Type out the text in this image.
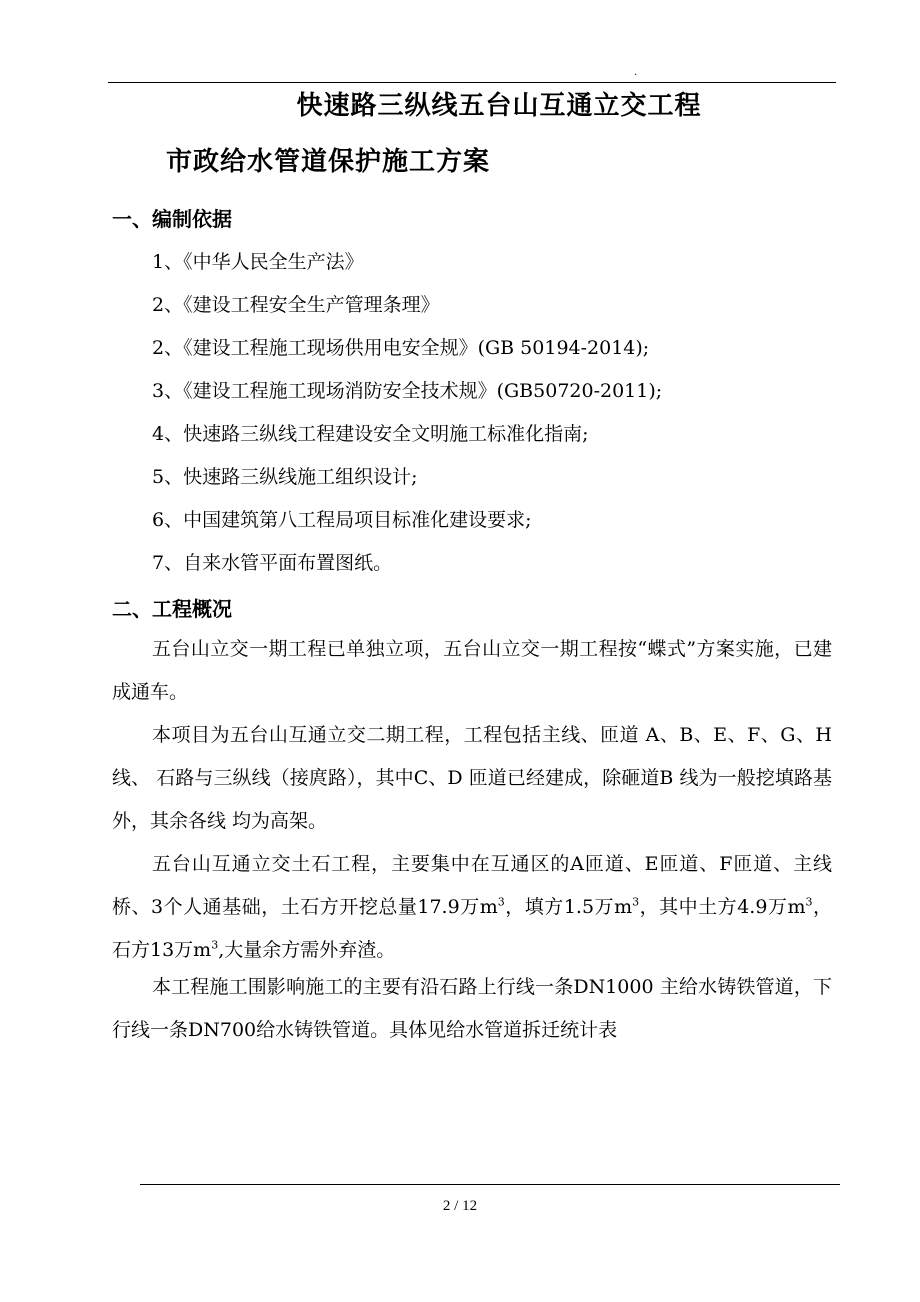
.
快速路三纵线五台山互通立交工程
市政给水管道保护施工方案
一、编制依据
1、《中华人民全生产法》
2、《建设工程安全生产管理条理》
2、《建设工程施工现场供用电安全规》(GB 50194-2014);
3、《建设工程施工现场消防安全技术规》(GB50720-2011);
4、快速路三纵线工程建设安全文明施工标准化指南;
5、快速路三纵线施工组织设计;
6、中国建筑第八工程局项目标准化建设要求;
7、自来水管平面布置图纸。
二、工程概况
五台山立交一期工程已单独立项，五台山立交一期工程按“蝶式”方案实施，已建成通车。
本项目为五台山互通立交二期工程，工程包括主线、匝道 A、B、E、F、G、H 线、 石路与三纵线（接庹路），其中C、D 匝道已经建成，除砸道B 线为一般挖填路基外，其余各线 均为高架。
五台山互通立交土石工程，主要集中在互通区的A匝道、E匝道、F匝道、主线桥、3个人通基础，土石方开挖总量17.9万$m^3$，填方1.5万$m^3$，其中土方4.9万$m^3$，石方13万$m^3$,大量余方需外弃渣。
本工程施工围影响施工的主要有沿石路上行线一条DN1000 主给水铸铁管道，下行线一条DN700给水铸铁管道。具体见给水管道拆迁统计表
2 / 12
